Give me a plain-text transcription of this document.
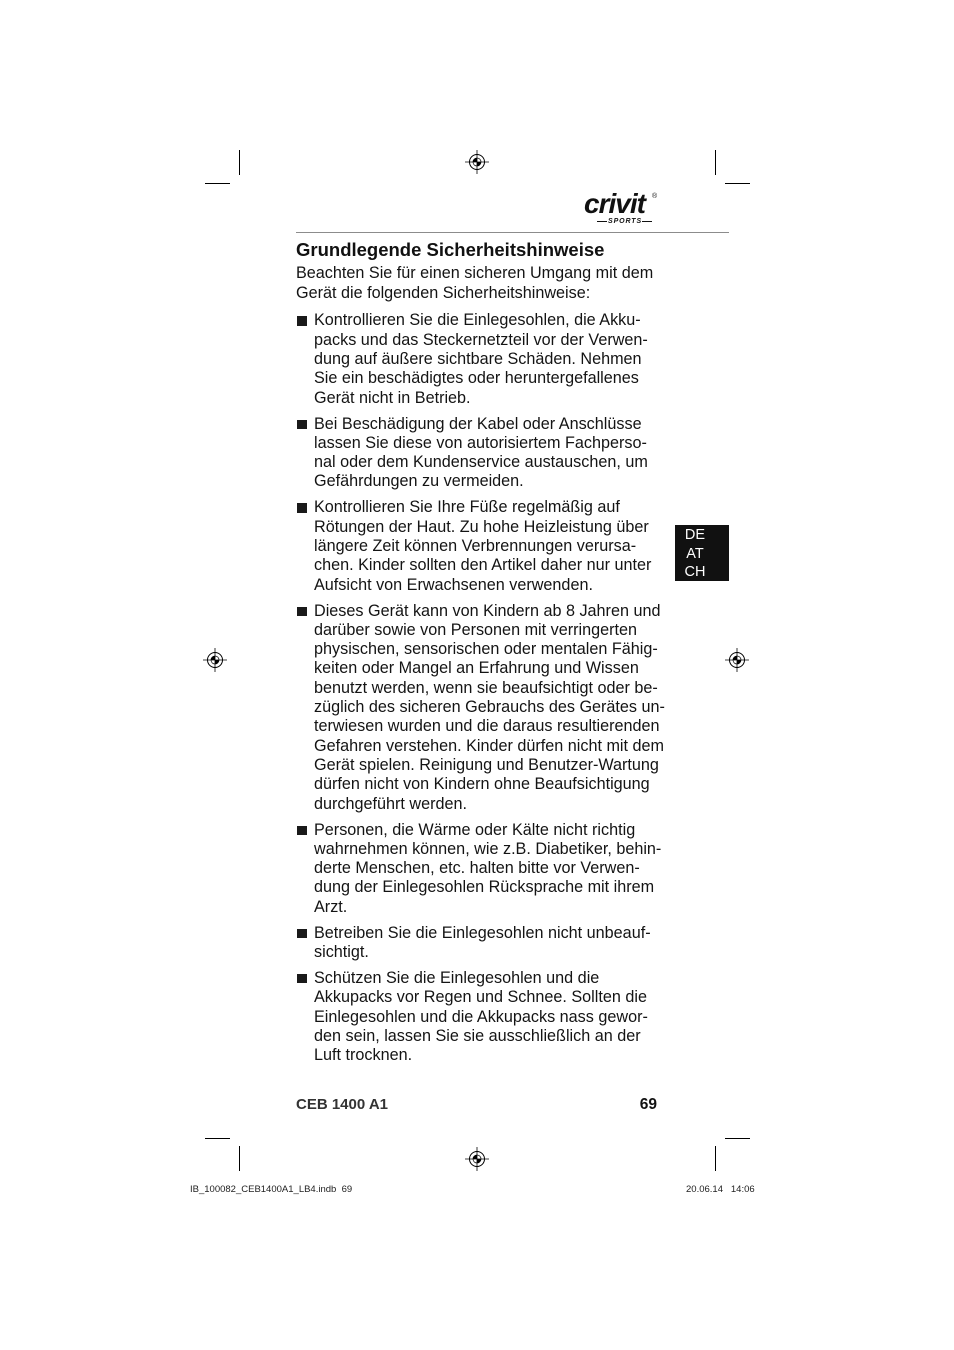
crivit ®
SPORTS
Grundlegende Sicherheitshinweise
Beachten Sie für einen sicheren Umgang mit dem
Gerät die folgenden Sicherheitshinweise:
Kontrollieren Sie die Einlegesohlen, die Akku-
packs und das Steckernetzteil vor der Verwen-
dung auf äußere sichtbare Schäden. Nehmen
Sie ein beschädigtes oder heruntergefallenes
Gerät nicht in Betrieb.
Bei Beschädigung der Kabel oder Anschlüsse
lassen Sie diese von autorisiertem Fachperso-
nal oder dem Kundenservice austauschen, um
Gefährdungen zu vermeiden.
Kontrollieren Sie Ihre Füße regelmäßig auf
Rötungen der Haut. Zu hohe Heizleistung über
längere Zeit können Verbrennungen verursa-
chen. Kinder sollten den Artikel daher nur unter
Aufsicht von Erwachsenen verwenden.
Dieses Gerät kann von Kindern ab 8 Jahren und
darüber sowie von Personen mit verringerten
physischen, sensorischen oder mentalen Fähig-
keiten oder Mangel an Erfahrung und Wissen
benutzt werden, wenn sie beaufsichtigt oder be-
züglich des sicheren Gebrauchs des Gerätes un-
terwiesen wurden und die daraus resultierenden
Gefahren verstehen. Kinder dürfen nicht mit dem
Gerät spielen. Reinigung und Benutzer-Wartung
dürfen nicht von Kindern ohne Beaufsichtigung
durchgeführt werden.
Personen, die Wärme oder Kälte nicht richtig
wahrnehmen können, wie z.B. Diabetiker, behin-
derte Menschen, etc. halten bitte vor Verwen-
dung der Einlegesohlen Rücksprache mit ihrem
Arzt.
Betreiben Sie die Einlegesohlen nicht unbeauf-
sichtigt.
Schützen Sie die Einlegesohlen und die
Akkupacks vor Regen und Schnee. Sollten die
Einlegesohlen und die Akkupacks nass gewor-
den sein, lassen Sie sie ausschließlich an der
Luft trocknen.
DE
AT
CH
CEB 1400 A1	69
IB_100082_CEB1400A1_LB4.indb  69	20.06.14   14:06
